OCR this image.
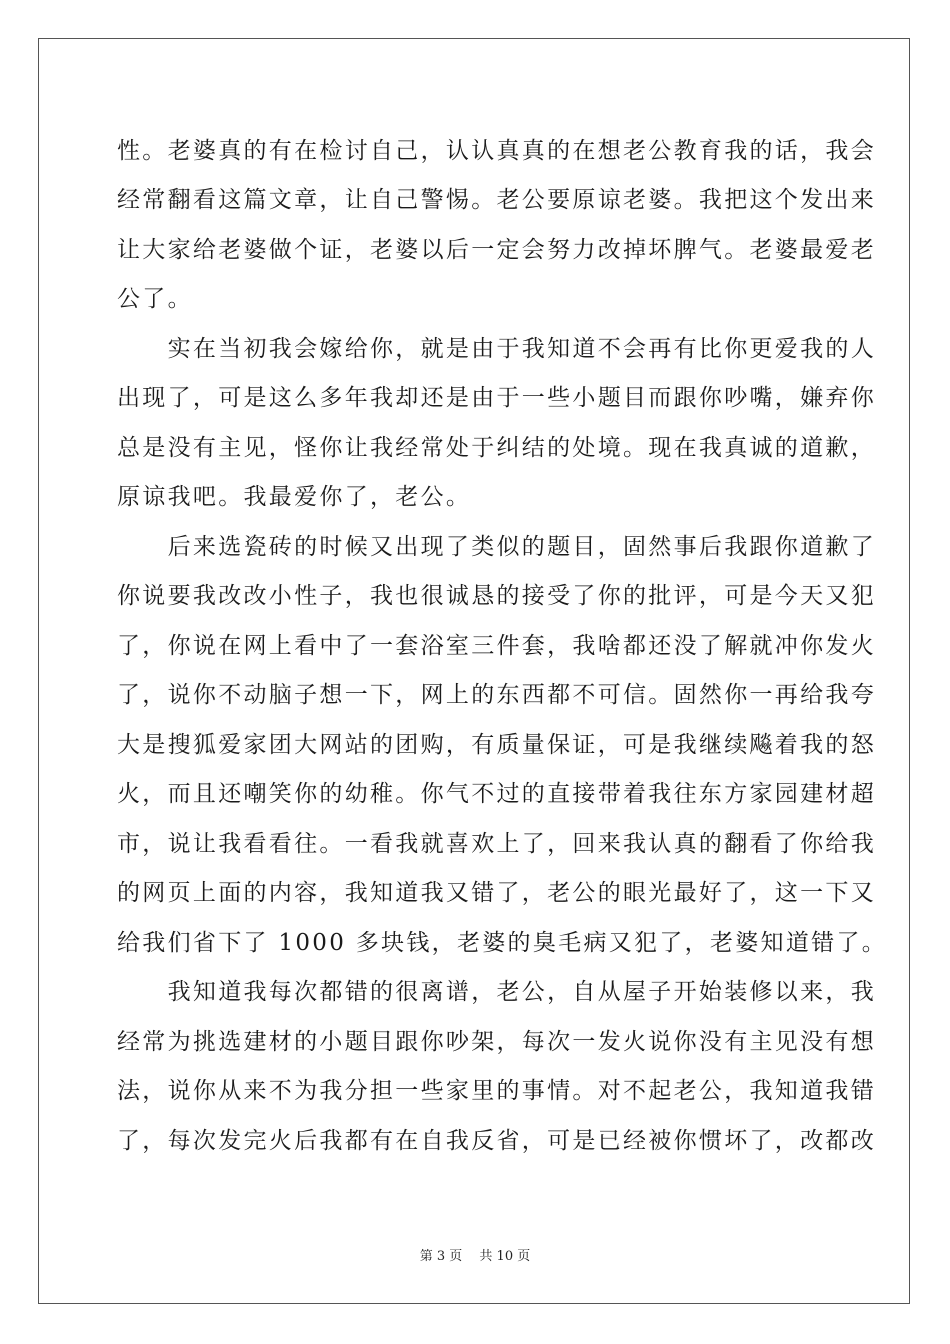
性。老婆真的有在检讨自己，认认真真的在想老公教育我的话，我会
经常翻看这篇文章，让自己警惕。老公要原谅老婆。我把这个发出来
让大家给老婆做个证，老婆以后一定会努力改掉坏脾气。老婆最爱老
公了。
　　实在当初我会嫁给你，就是由于我知道不会再有比你更爱我的人
出现了，可是这么多年我却还是由于一些小题目而跟你吵嘴，嫌弃你
总是没有主见，怪你让我经常处于纠结的处境。现在我真诚的道歉，
原谅我吧。我最爱你了，老公。
　　后来选瓷砖的时候又出现了类似的题目，固然事后我跟你道歉了
你说要我改改小性子，我也很诚恳的接受了你的批评，可是今天又犯
了，你说在网上看中了一套浴室三件套，我啥都还没了解就冲你发火
了，说你不动脑子想一下，网上的东西都不可信。固然你一再给我夸
大是搜狐爱家团大网站的团购，有质量保证，可是我继续飚着我的怒
火，而且还嘲笑你的幼稚。你气不过的直接带着我往东方家园建材超
市，说让我看看往。一看我就喜欢上了，回来我认真的翻看了你给我
的网页上面的内容，我知道我又错了，老公的眼光最好了，这一下又
给我们省下了 1000 多块钱，老婆的臭毛病又犯了，老婆知道错了。
　　我知道我每次都错的很离谱，老公，自从屋子开始装修以来，我
经常为挑选建材的小题目跟你吵架，每次一发火说你没有主见没有想
法，说你从来不为我分担一些家里的事情。对不起老公，我知道我错
了，每次发完火后我都有在自我反省，可是已经被你惯坏了，改都改
第 3 页　 共 10 页
